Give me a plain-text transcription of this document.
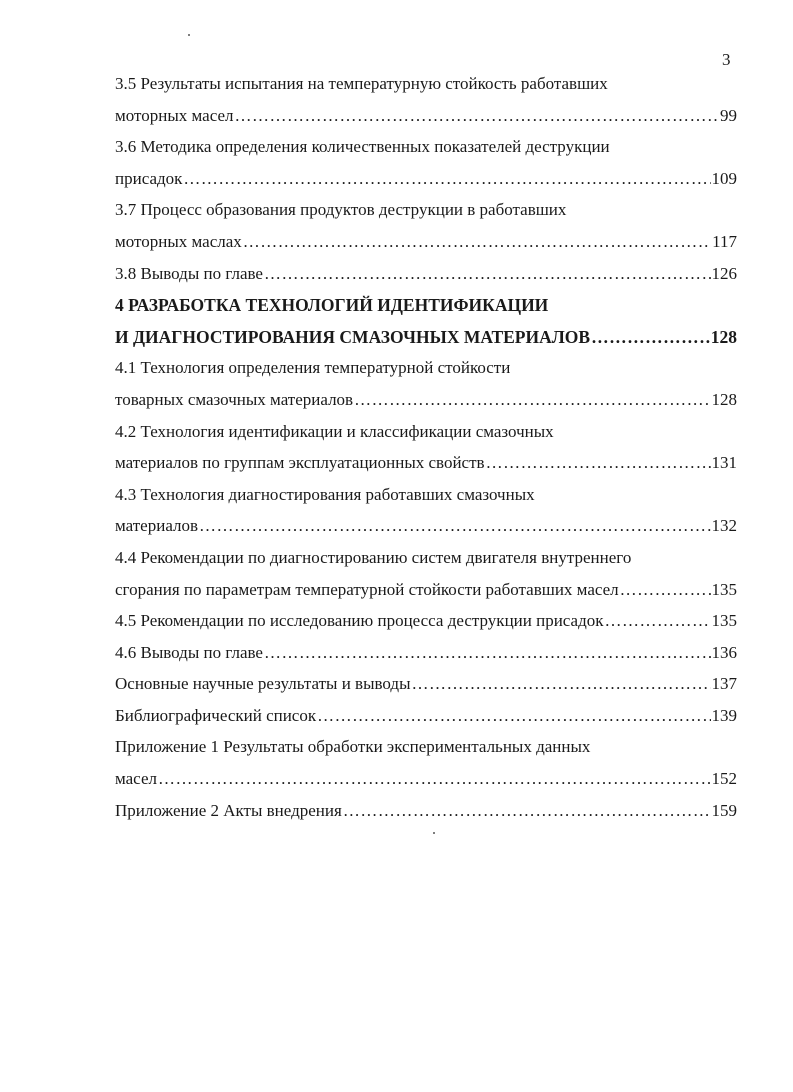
3
3.5 Результаты испытания на температурную стойкость работавших
моторных масел …………………………………………………………………………………………………………………………………………………………………………	99
3.6 Методика определения количественных показателей деструкции
присадок …………………………………………………………………………………………………………………………………………………………………………	109
3.7 Процесс образования продуктов деструкции в работавших
моторных маслах …………………………………………………………………………………………………………………………………………………………………………	117
3.8 Выводы по главе …………………………………………………………………………………………………………………………………………………………………………	126
4 РАЗРАБОТКА ТЕХНОЛОГИЙ ИДЕНТИФИКАЦИИ
И ДИАГНОСТИРОВАНИЯ СМАЗОЧНЫХ МАТЕРИАЛОВ …………………………………………………………………………………………………………………………………………………………………………	128
4.1 Технология определения температурной стойкости
товарных смазочных материалов …………………………………………………………………………………………………………………………………………………………………………	128
4.2 Технология идентификации и классификации смазочных
материалов по группам эксплуатационных свойств …………………………………………………………………………………………………………………………………………………………………………	131
4.3 Технология диагностирования работавших смазочных
материалов …………………………………………………………………………………………………………………………………………………………………………	132
4.4 Рекомендации по диагностированию систем двигателя внутреннего
сгорания по параметрам температурной стойкости работавших масел …………………………………………………………………………………………………………………………………………………………………………	135
4.5 Рекомендации по исследованию процесса деструкции присадок …………………………………………………………………………………………………………………………………………………………………………	135
4.6 Выводы по главе …………………………………………………………………………………………………………………………………………………………………………	136
Основные научные результаты и выводы …………………………………………………………………………………………………………………………………………………………………………	137
Библиографический список …………………………………………………………………………………………………………………………………………………………………………	139
Приложение 1 Результаты обработки экспериментальных данных
масел …………………………………………………………………………………………………………………………………………………………………………	152
Приложение 2 Акты внедрения …………………………………………………………………………………………………………………………………………………………………………	159
